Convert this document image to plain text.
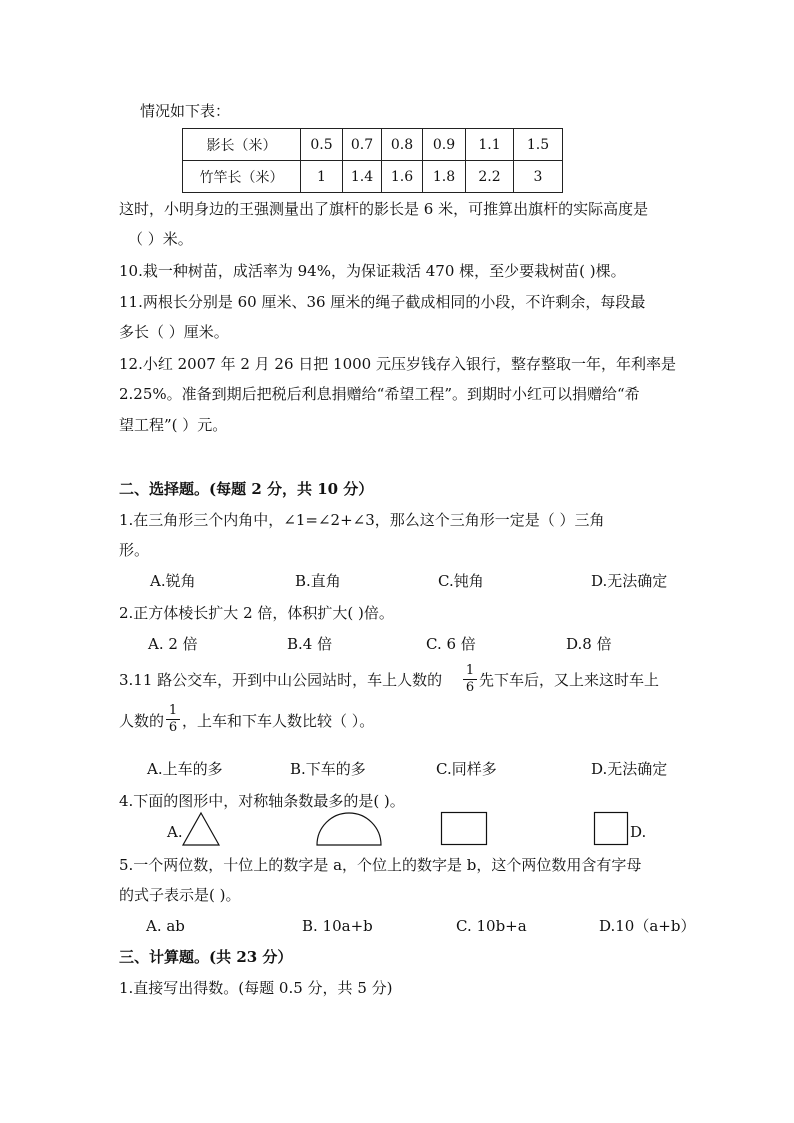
情况如下表：
影长（米）	0.5	0.7	0.8	0.9	1.1	1.5
竹竿长（米）	1	1.4	1.6	1.8	2.2	3
这时，小明身边的王强测量出了旗杆的影长是 6 米，可推算出旗杆的实际高度是
（ ）米。
10.栽一种树苗，成活率为 94%，为保证栽活 470 棵，至少要栽树苗( )棵。
11.两根长分别是 60 厘米、36 厘米的绳子截成相同的小段，不许剩余，每段最
多长（ ）厘米。
12.小红 2007 年 2 月 26 日把 1000 元压岁钱存入银行，整存整取一年，年利率是
2.25%。准备到期后把税后利息捐赠给“希望工程”。到期时小红可以捐赠给“希
望工程”( ）元。
二、选择题。(每题 2 分，共 10 分）
1.在三角形三个内角中，∠1=∠2+∠3，那么这个三角形一定是（ ）三角
形。
A.锐角	B.直角	C.钝角	D.无法确定
2.正方体棱长扩大 2 倍，体积扩大( )倍。
A. 2 倍	B.4 倍	C. 6 倍	D.8 倍
3.11 路公交车，开到中山公园站时，车上人数的
1
6 先下车后，又上来这时车上
人数的
1
6 ，上车和下车人数比较（ ）。
A.上车的多	B.下车的多	C.同样多	D.无法确定
4.下面的图形中，对称轴条数最多的是( )。
A.	D.
5.一个两位数，十位上的数字是 a，个位上的数字是 b，这个两位数用含有字母
的式子表示是( )。
A. ab	B. 10a+b	C. 10b+a	D.10（a+b）
三、计算题。(共 23 分）
1.直接写出得数。(每题 0.5 分，共 5 分)
